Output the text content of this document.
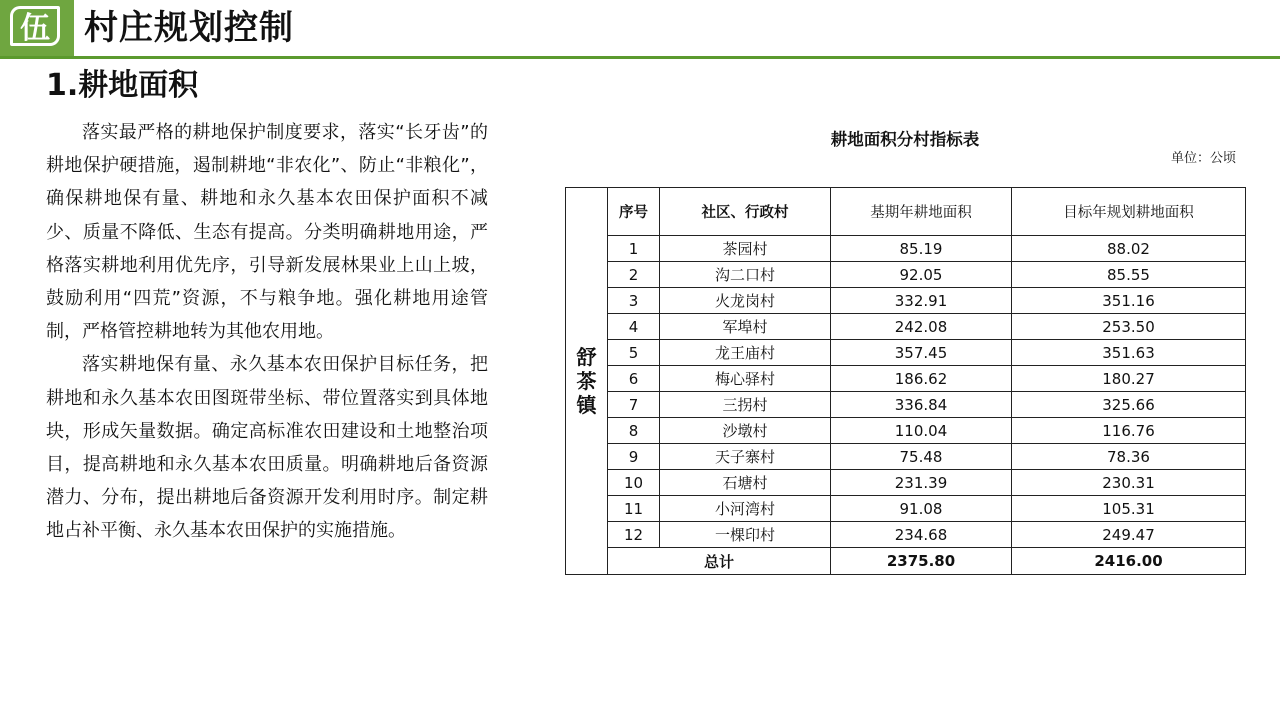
伍 村庄规划控制
1.耕地面积

落实最严格的耕地保护制度要求，落实“长牙齿”的耕地保护硬措施，遏制耕地“非农化”、防止“非粮化”，确保耕地保有量、耕地和永久基本农田保护面积不减少、质量不降低、生态有提高。分类明确耕地用途，严格落实耕地利用优先序，引导新发展林果业上山上坡，鼓励利用“四荒”资源，不与粮争地。强化耕地用途管制，严格管控耕地转为其他农用地。

落实耕地保有量、永久基本农田保护目标任务，把耕地和永久基本农田图斑带坐标、带位置落实到具体地块，形成矢量数据。确定高标准农田建设和土地整治项目，提高耕地和永久基本农田质量。明确耕地后备资源潜力、分布，提出耕地后备资源开发利用时序。制定耕地占补平衡、永久基本农田保护的实施措施。

耕地面积分村指标表
单位：公顷
舒茶镇	序号	社区、行政村	基期年耕地面积	目标年规划耕地面积
	1	茶园村	85.19	88.02
	2	沟二口村	92.05	85.55
	3	火龙岗村	332.91	351.16
	4	军埠村	242.08	253.50
	5	龙王庙村	357.45	351.63
	6	梅心驿村	186.62	180.27
	7	三拐村	336.84	325.66
	8	沙墩村	110.04	116.76
	9	天子寨村	75.48	78.36
	10	石塘村	231.39	230.31
	11	小河湾村	91.08	105.31
	12	一棵印村	234.68	249.47
	总计		2375.80	2416.00
